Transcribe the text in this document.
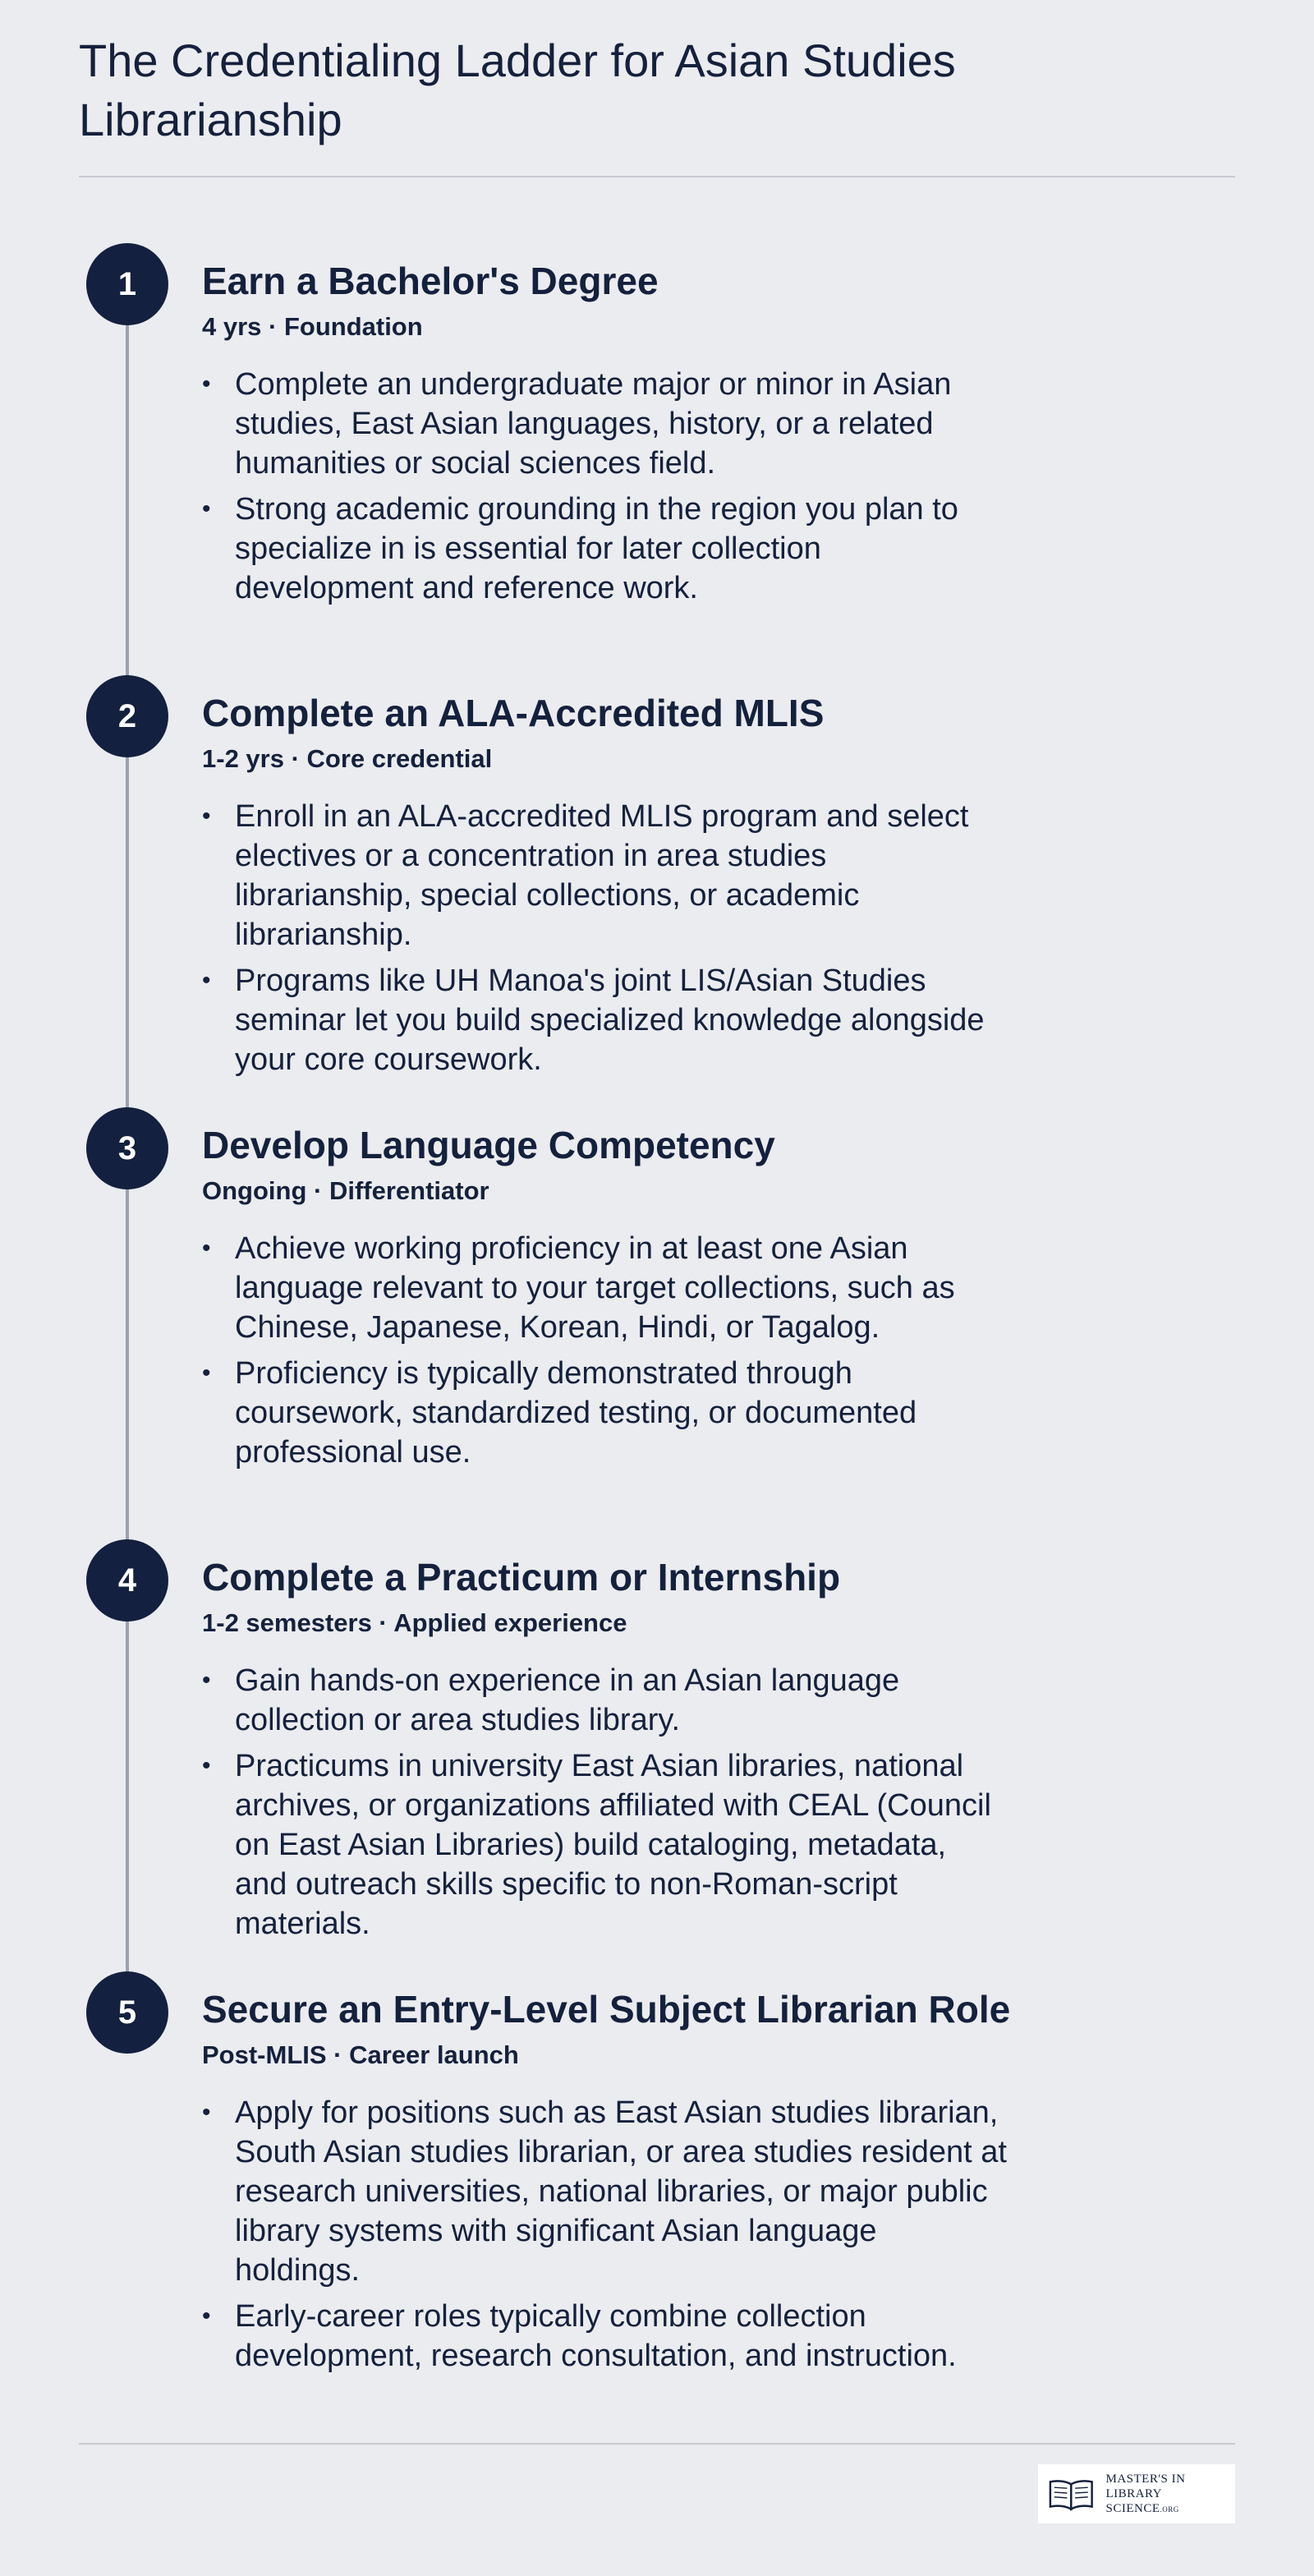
The Credentialing Ladder for Asian Studies Librarianship
1	Earn a Bachelor's Degree
4 yrs · Foundation
• Complete an undergraduate major or minor in Asian studies, East Asian languages, history, or a related humanities or social sciences field.
• Strong academic grounding in the region you plan to specialize in is essential for later collection development and reference work.
2	Complete an ALA-Accredited MLIS
1-2 yrs · Core credential
• Enroll in an ALA-accredited MLIS program and select electives or a concentration in area studies librarianship, special collections, or academic librarianship.
• Programs like UH Manoa's joint LIS/Asian Studies seminar let you build specialized knowledge alongside your core coursework.
3	Develop Language Competency
Ongoing · Differentiator
• Achieve working proficiency in at least one Asian language relevant to your target collections, such as Chinese, Japanese, Korean, Hindi, or Tagalog.
• Proficiency is typically demonstrated through coursework, standardized testing, or documented professional use.
4	Complete a Practicum or Internship
1-2 semesters · Applied experience
• Gain hands-on experience in an Asian language collection or area studies library.
• Practicums in university East Asian libraries, national archives, or organizations affiliated with CEAL (Council on East Asian Libraries) build cataloging, metadata, and outreach skills specific to non-Roman-script materials.
5	Secure an Entry-Level Subject Librarian Role
Post-MLIS · Career launch
• Apply for positions such as East Asian studies librarian, South Asian studies librarian, or area studies resident at research universities, national libraries, or major public library systems with significant Asian language holdings.
• Early-career roles typically combine collection development, research consultation, and instruction.
MASTER'S IN
LIBRARY SCIENCE.ORG
